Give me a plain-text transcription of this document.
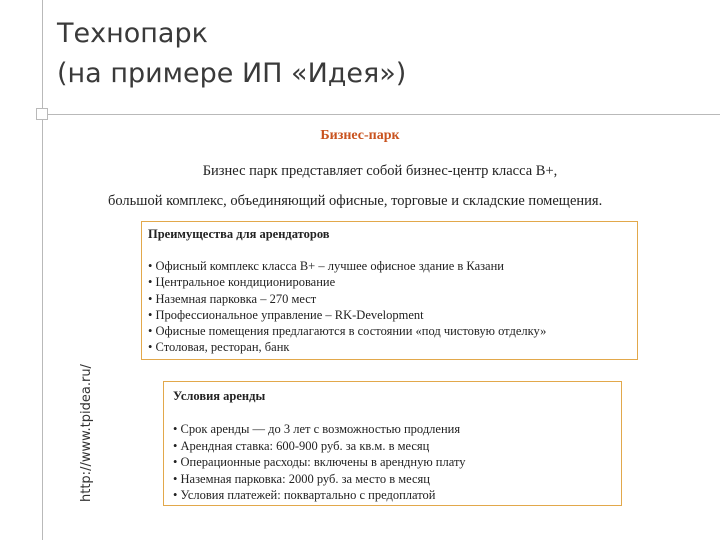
Технопарк
(на примере ИП «Идея»)
http://www.tpidea.ru/
Бизнес-парк
Бизнес парк представляет собой бизнес-центр класса В+,
большой комплекс, объединяющий офисные, торговые и складские помещения.
Преимущества для арендаторов
• Офисный комплекс класса В+ – лучшее офисное здание в Казани
• Центральное кондиционирование
• Наземная парковка – 270 мест
• Профессиональное управление – RK-Development
• Офисные помещения предлагаются в состоянии «под чистовую отделку»
• Столовая, ресторан, банк
Условия аренды
• Срок аренды — до 3 лет с возможностью продления
• Арендная ставка: 600-900 руб. за кв.м. в месяц
• Операционные расходы: включены в арендную плату
• Наземная парковка: 2000 руб. за место в месяц
• Условия платежей: поквартально с предоплатой
